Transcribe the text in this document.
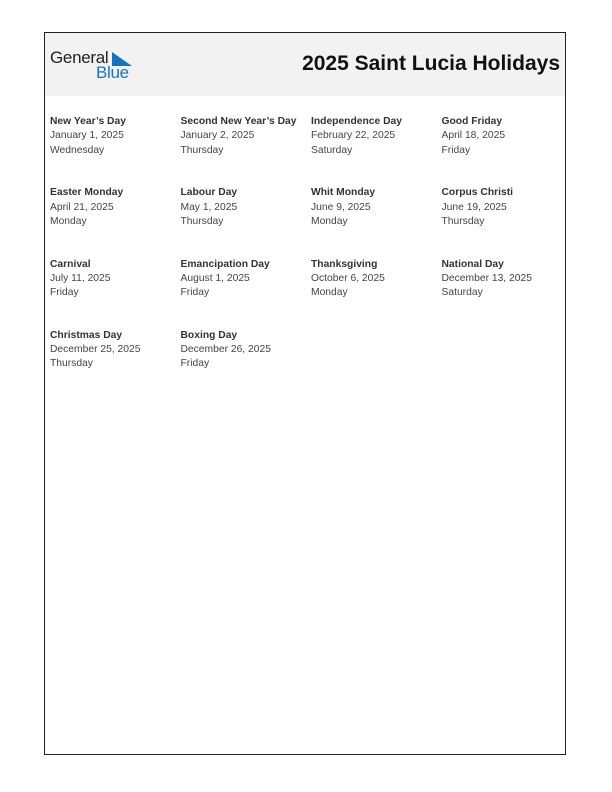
General
Blue	2025 Saint Lucia Holidays
New Year’s Day
January 1, 2025
Wednesday
Second New Year’s Day
January 2, 2025
Thursday
Independence Day
February 22, 2025
Saturday
Good Friday
April 18, 2025
Friday
Easter Monday
April 21, 2025
Monday
Labour Day
May 1, 2025
Thursday
Whit Monday
June 9, 2025
Monday
Corpus Christi
June 19, 2025
Thursday
Carnival
July 11, 2025
Friday
Emancipation Day
August 1, 2025
Friday
Thanksgiving
October 6, 2025
Monday
National Day
December 13, 2025
Saturday
Christmas Day
December 25, 2025
Thursday
Boxing Day
December 26, 2025
Friday
